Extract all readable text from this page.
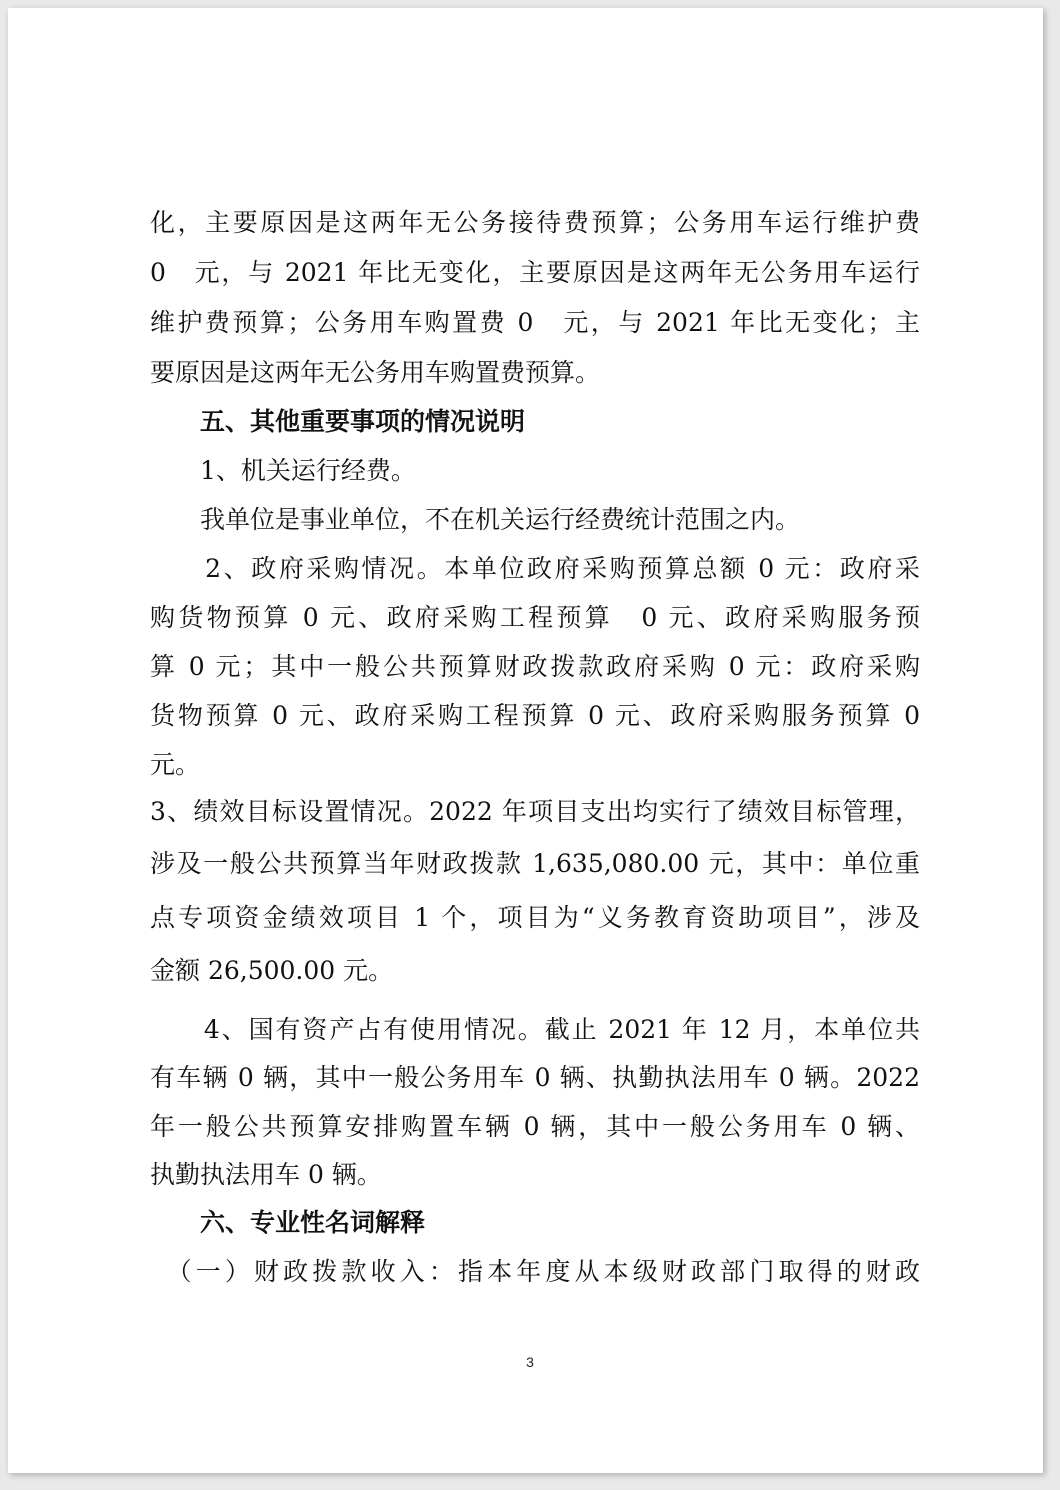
化，主要原因是这两年无公务接待费预算；公务用车运行维护费
0　元，与 2021 年比无变化，主要原因是这两年无公务用车运行
维护费预算；公务用车购置费 0　元，与 2021 年比无变化；主
要原因是这两年无公务用车购置费预算。
　　五、其他重要事项的情况说明
　　1、机关运行经费。
　　我单位是事业单位，不在机关运行经费统计范围之内。
　　2、政府采购情况。本单位政府采购预算总额 0 元：政府采
购货物预算 0 元、政府采购工程预算　0 元、政府采购服务预
算 0 元；其中一般公共预算财政拨款政府采购 0 元：政府采购
货物预算 0 元、政府采购工程预算 0 元、政府采购服务预算 0
元。
3、绩效目标设置情况。2022 年项目支出均实行了绩效目标管理，
涉及一般公共预算当年财政拨款 1,635,080.00 元，其中：单位重
点专项资金绩效项目 1 个，项目为“义务教育资助项目”，涉及
金额 26,500.00 元。
　　4、国有资产占有使用情况。截止 2021 年 12 月，本单位共
有车辆 0 辆，其中一般公务用车 0 辆、执勤执法用车 0 辆。2022
年一般公共预算安排购置车辆 0 辆，其中一般公务用车 0 辆、
执勤执法用车 0 辆。
　　六、专业性名词解释
　（一）财政拨款收入：指本年度从本级财政部门取得的财政
3
